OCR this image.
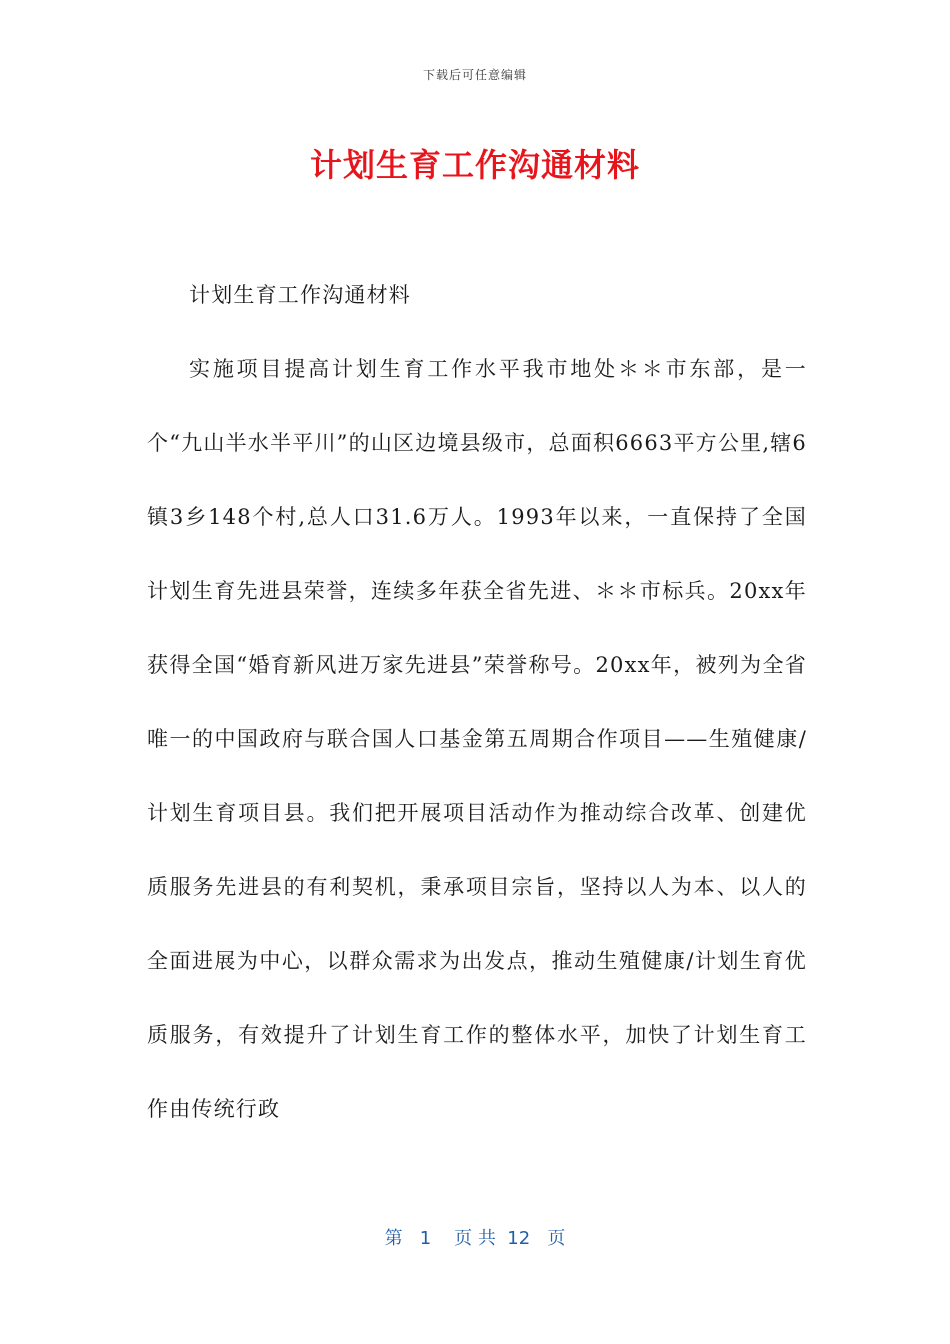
下载后可任意编辑
计划生育工作沟通材料

计划生育工作沟通材料

实施项目提高计划生育工作水平我市地处＊＊市东部，是一个“九山半水半平川”的山区边境县级市，总面积6663平方公里,辖6镇3乡148个村,总人口31.6万人。1993年以来，一直保持了全国计划生育先进县荣誉，连续多年获全省先进、＊＊市标兵。20xx年获得全国“婚育新风进万家先进县”荣誉称号。20xx年，被列为全省唯一的中国政府与联合国人口基金第五周期合作项目——生殖健康/计划生育项目县。我们把开展项目活动作为推动综合改革、创建优质服务先进县的有利契机，秉承项目宗旨，坚持以人为本、以人的全面进展为中心，以群众需求为出发点，推动生殖健康/计划生育优质服务，有效提升了计划生育工作的整体水平，加快了计划生育工作由传统行政

第   1    页 共  12   页
